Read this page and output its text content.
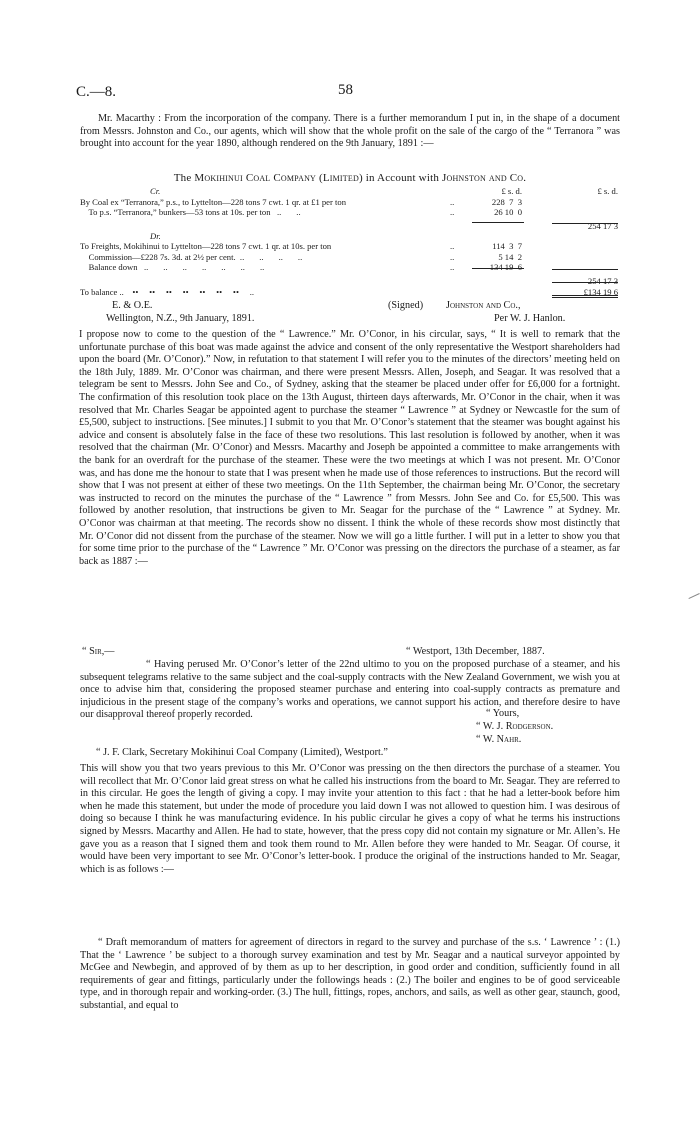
C.—8.	58
Mr. Macarthy : From the incorporation of the company. There is a further memorandum I put in, in the shape of a document from Messrs. Johnston and Co., our agents, which will show that the whole profit on the sale of the cargo of the “ Terranora ” was brought into account for the year 1890, although rendered on the 9th January, 1891 :—
The Mokihinui Coal Company (Limited) in Account with Johnston and Co.
Cr.	£ s. d.	£ s. d.
By Coal ex “Terranora,” p.s., to Lyttelton—228 tons 7 cwt. 1 qr. at £1 per ton	..	228  7  3
To p.s. “Terranora,” bunkers—53 tons at 10s. per ton   ..       ..	..	26 10  0
254 17 3
Dr.
To Freights, Mokihinui to Lyttelton—228 tons 7 cwt. 1 qr. at 10s. per ton	..	114  3  7
Commission—£228 7s. 3d. at 2½ per cent.  ..       ..       ..       ..	..	5 14  2
Balance down   ..       ..       ..       ..       ..       ..       ..	..	134 19  6
254 17 3
To balance ..    ••     ••     ••     ••     ••     ••     ••     ..	£134 19 6
E. & O.E.	(Signed) Johnston and Co.,
Wellington, N.Z., 9th January, 1891.	Per W. J. Hanlon.
I propose now to come to the question of the “ Lawrence.” Mr. O’Conor, in his circular, says, “ It is well to remark that the unfortunate purchase of this boat was made against the advice and consent of the only representative the Westport shareholders had upon the board (Mr. O’Conor).” Now, in refutation to that statement I will refer you to the minutes of the directors’ meeting held on the 18th July, 1889. Mr. O’Conor was chairman, and there were present Messrs. Allen, Joseph, and Seagar. It was resolved that a telegram be sent to Messrs. John See and Co., of Sydney, asking that the steamer be placed under offer for £6,000 for a fortnight. The confirmation of this resolution took place on the 13th August, thirteen days afterwards, Mr. O’Conor in the chair, when it was resolved that Mr. Charles Seagar be appointed agent to purchase the steamer “ Lawrence ” at Sydney or Newcastle for the sum of £5,500, subject to instructions. [See minutes.] I submit to you that Mr. O’Conor’s statement that the steamer was bought against his advice and consent is absolutely false in the face of these two resolutions. This last resolution is followed by another, when it was resolved that the chairman (Mr. O’Conor) and Messrs. Macarthy and Joseph be appointed a committee to make arrangements with the bank for an overdraft for the purchase of the steamer. These were the two meetings at which I was not present. Mr. O’Conor was, and has done me the honour to state that I was present when he made use of those references to instructions. But the record will show that I was not present at either of these two meetings. On the 11th September, the chairman being Mr. O’Conor, the secretary was instructed to record on the minutes the purchase of the “ Lawrence ” from Messrs. John See and Co. for £5,500. This was followed by another resolution, that instructions be given to Mr. Seagar for the purchase of the “ Lawrence ” at Sydney. Mr. O’Conor was chairman at that meeting. The records show no dissent. I think the whole of these records show most distinctly that Mr. O’Conor did not dissent from the purchase of the steamer. Now we will go a little further. I will put in a letter to show you that for some time prior to the purchase of the “ Lawrence ” Mr. O’Conor was pressing on the directors the purchase of a steamer, as far back as 1887 :—
“ Sir,—	“ Westport, 13th December, 1887.
“ Having perused Mr. O’Conor’s letter of the 22nd ultimo to you on the proposed purchase of a steamer, and his subsequent telegrams relative to the same subject and the coal-supply contracts with the New Zealand Government, we wish you at once to advise him that, considering the proposed steamer purchase and entering into coal-supply contracts as premature and injudicious in the present stage of the company’s works and operations, we cannot support his action, and therefore desire to have our disapproval thereof properly recorded.	“ Yours,
“ W. J. Rodgerson.
“ W. Nahr.
“ J. F. Clark, Secretary Mokihinui Coal Company (Limited), Westport.”
This will show you that two years previous to this Mr. O’Conor was pressing on the then directors the purchase of a steamer. You will recollect that Mr. O’Conor laid great stress on what he called his instructions from the board to Mr. Seagar. They are referred to in this circular. He goes the length of giving a copy. I may invite your attention to this fact : that he had a letter-book before him when he made this statement, but under the mode of procedure you laid down I was not allowed to question him. I was desirous of doing so because I think he was manufacturing evidence. In his public circular he gives a copy of what he terms his instructions signed by Messrs. Macarthy and Allen. He had to state, however, that the press copy did not contain my signature or Mr. Allen’s. He gave you as a reason that I signed them and took them round to Mr. Allen before they were handed to Mr. Seagar. Of course, it would have been very important to see Mr. O’Conor’s letter-book. I produce the original of the instructions handed to Mr. Seagar, which is as follows :—
“ Draft memorandum of matters for agreement of directors in regard to the survey and purchase of the s.s. ‘ Lawrence ’ : (1.) That the ‘ Lawrence ’ be subject to a thorough survey examination and test by Mr. Seagar and a nautical surveyor appointed by McGee and Newbegin, and approved of by them as up to her description, in good order and condition, sufficiently found in all requirements of gear and fittings, particularly under the followings heads : (2.) The boiler and engines to be of good serviceable type, and in thorough repair and working-order. (3.) The hull, fittings, ropes, anchors, and sails, as well as other gear, staunch, good, substantial, and equal to
